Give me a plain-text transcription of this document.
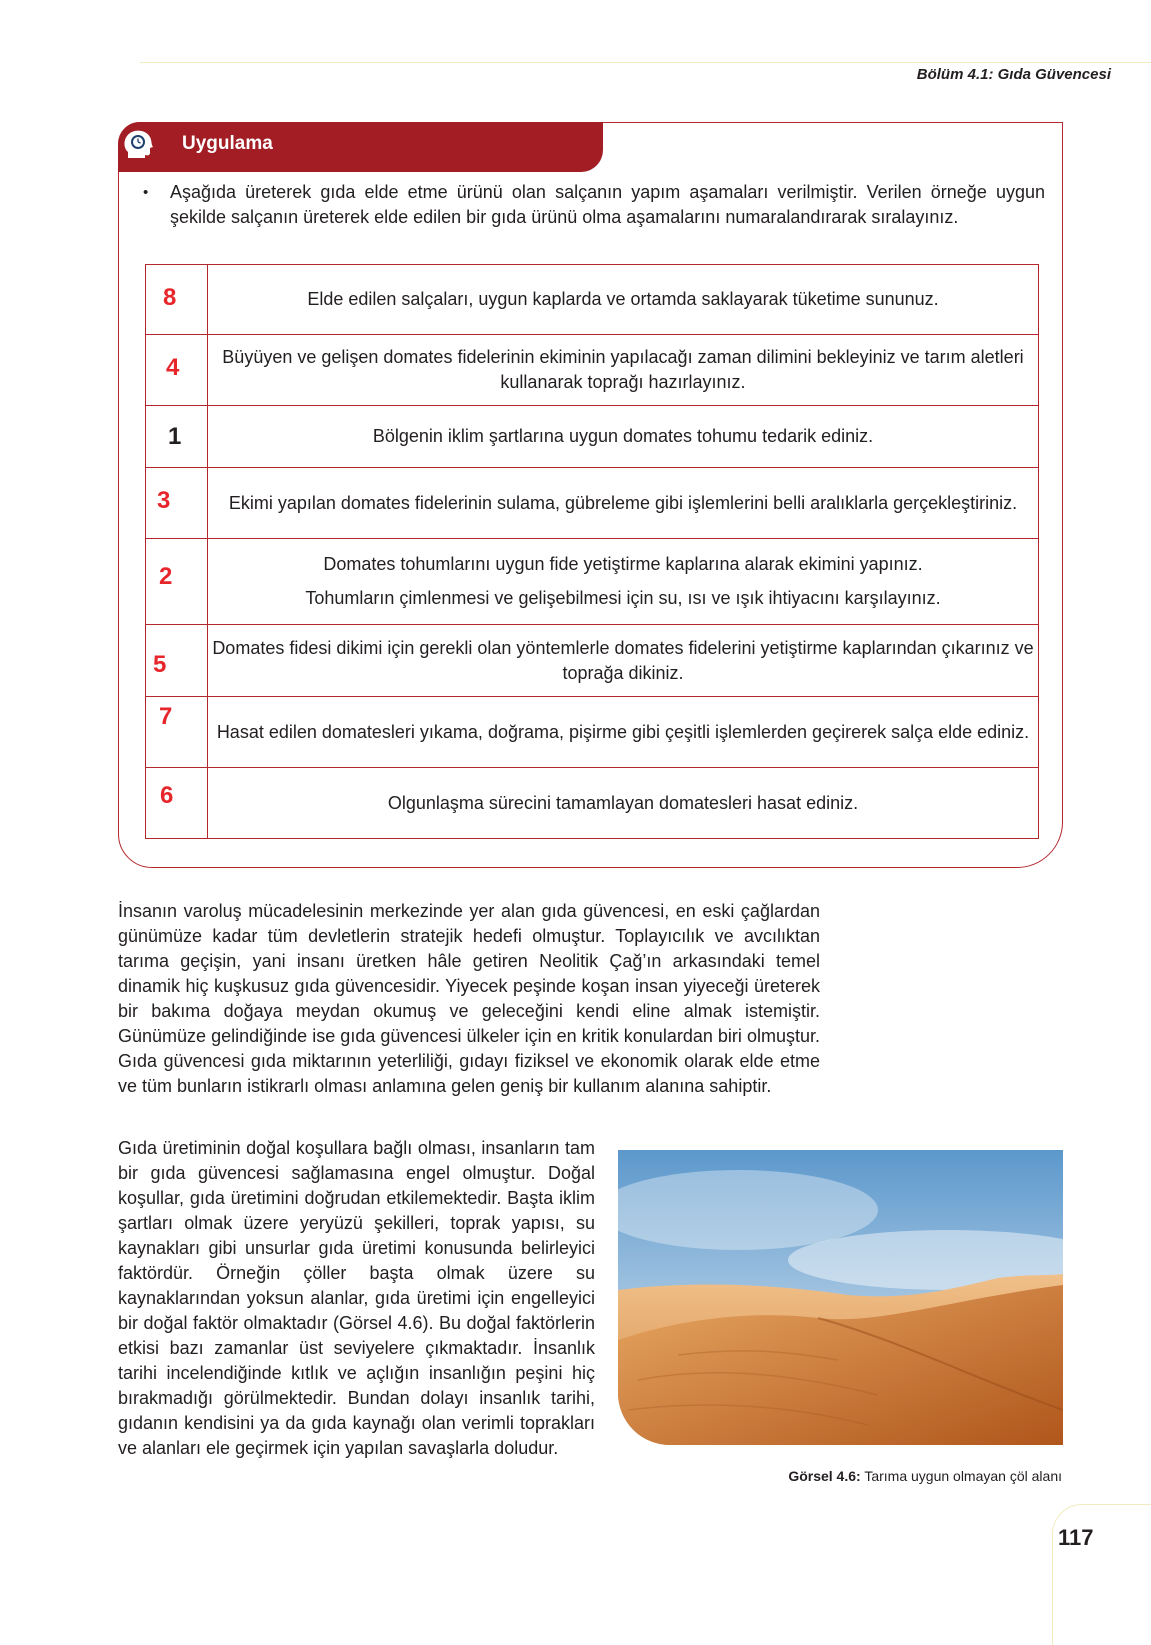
Bölüm 4.1: Gıda Güvencesi
Uygulama
• Aşağıda üreterek gıda elde etme ürünü olan salçanın yapım aşamaları verilmiştir. Verilen örneğe uygun şekilde salçanın üreterek elde edilen bir gıda ürünü olma aşamalarını numaralandırarak sıralayınız.
8	Elde edilen salçaları, uygun kaplarda ve ortamda saklayarak tüketime sununuz.

4	Büyüyen ve gelişen domates fidelerinin ekiminin yapılacağı zaman dilimini bekleyiniz ve tarım aletleri kullanarak toprağı hazırlayınız.

1	Bölgenin iklim şartlarına uygun domates tohumu tedarik ediniz.

3	Ekimi yapılan domates fidelerinin sulama, gübreleme gibi işlemlerini belli aralıklarla gerçekleştiriniz.

2	Domates tohumlarını uygun fide yetiştirme kaplarına alarak ekimini yapınız.
Tohumların çimlenmesi ve gelişebilmesi için su, ısı ve ışık ihtiyacını karşılayınız.

5	Domates fidesi dikimi için gerekli olan yöntemlerle domates fidelerini yetiştirme kaplarından çıkarınız ve toprağa dikiniz.

7	Hasat edilen domatesleri yıkama, doğrama, pişirme gibi çeşitli işlemlerden geçirerek salça elde ediniz.

6	Olgunlaşma sürecini tamamlayan domatesleri hasat ediniz.
İnsanın varoluş mücadelesinin merkezinde yer alan gıda güvencesi, en eski çağlardan günümüze kadar tüm devletlerin stratejik hedefi olmuştur. Toplayıcılık ve avcılıktan tarıma geçişin, yani insanı üretken hâle getiren Neolitik Çağ’ın arkasındaki temel dinamik hiç kuşkusuz gıda güvencesidir. Yiyecek peşinde koşan insan yiyeceği üreterek bir bakıma doğaya meydan okumuş ve geleceğini kendi eline almak istemiştir. Günümüze gelindiğinde ise gıda güvencesi ülkeler için en kritik konulardan biri olmuştur. Gıda güvencesi gıda miktarının yeterliliği, gıdayı fiziksel ve ekonomik olarak elde etme ve tüm bunların istikrarlı olması anlamına gelen geniş bir kullanım alanına sahiptir.
Gıda üretiminin doğal koşullara bağlı olması, insanların tam bir gıda güvencesi sağlamasına engel olmuştur. Doğal koşullar, gıda üretimini doğrudan etkilemektedir. Başta iklim şartları olmak üzere yeryüzü şekilleri, toprak yapısı, su kaynakları gibi unsurlar gıda üretimi konusunda belirleyici faktördür. Örneğin çöller başta olmak üzere su kaynaklarından yoksun alanlar, gıda üretimi için engelleyici bir doğal faktör olmaktadır (Görsel 4.6). Bu doğal faktörlerin etkisi bazı zamanlar üst seviyelere çıkmaktadır. İnsanlık tarihi incelendiğinde kıtlık ve açlığın insanlığın peşini hiç bırakmadığı görülmektedir. Bundan dolayı insanlık tarihi, gıdanın kendisini ya da gıda kaynağı olan verimli toprakları ve alanları ele geçirmek için yapılan savaşlarla doludur.
Görsel 4.6: Tarıma uygun olmayan çöl alanı
117
